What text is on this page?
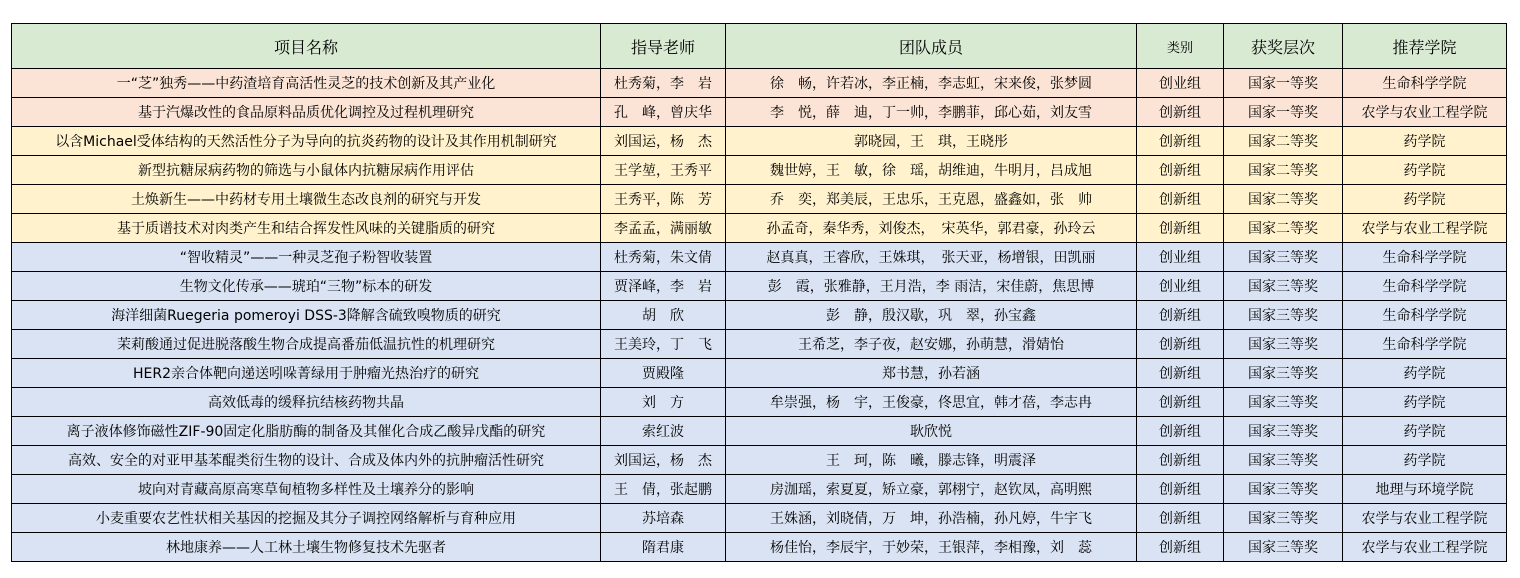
项目名称	指导老师	团队成员	类别	获奖层次	推荐学院
一“芝”独秀——中药渣培育高活性灵芝的技术创新及其产业化	杜秀菊，李　岩	徐　畅，许若冰，李正楠，李志虹，宋来俊，张梦圆	创业组	国家一等奖	生命科学学院
基于汽爆改性的食品原料品质优化调控及过程机理研究	孔　峰，曾庆华	李　悦，薛　迪，丁一帅，李鹏菲，邱心茹，刘友雪	创新组	国家一等奖	农学与农业工程学院
以含Michael受体结构的天然活性分子为导向的抗炎药物的设计及其作用机制研究	刘国运，杨　杰	郭晓园，王　琪，王晓彤	创新组	国家二等奖	药学院
新型抗糖尿病药物的筛选与小鼠体内抗糖尿病作用评估	王学堃，王秀平	魏世婷，王　敏，徐　瑶，胡维迪，牛明月，吕成旭	创新组	国家二等奖	药学院
土焕新生——中药材专用土壤微生态改良剂的研究与开发	王秀平，陈　芳	乔　奕，郑美辰，王忠乐，王克恩，盛鑫如，张　帅	创新组	国家二等奖	药学院
基于质谱技术对肉类产生和结合挥发性风味的关键脂质的研究	李孟孟，满丽敏	孙孟奇，秦华秀，刘俊杰，　宋英华，郭君豪，孙玲云	创新组	国家二等奖	农学与农业工程学院
“智收精灵”——一种灵芝孢子粉智收装置	杜秀菊，朱文倩	赵真真，王睿欣，王姝琪，　张天亚，杨增银，田凯丽	创业组	国家三等奖	生命科学学院
生物文化传承——琥珀“三物”标本的研发	贾泽峰，李　岩	彭　霞，张雅静，王月浩，李 雨洁，宋佳蔚，焦思博	创业组	国家三等奖	生命科学学院
海洋细菌Ruegeria pomeroyi DSS-3降解含硫致嗅物质的研究	胡　欣	彭　静，殷汉歇，巩　翠，孙宝鑫	创新组	国家三等奖	生命科学学院
茉莉酸通过促进脱落酸生物合成提高番茄低温抗性的机理研究	王美玲，丁　飞	王希芝，李子夜，赵安娜，孙萌慧，滑婧怡	创新组	国家三等奖	生命科学学院
HER2亲合体靶向递送吲哚菁绿用于肿瘤光热治疗的研究	贾殿隆	郑书慧，孙若涵	创新组	国家三等奖	药学院
高效低毒的缓释抗结核药物共晶	刘　方	牟崇强，杨　宇，王俊豪，佟思宜，韩才蓓，李志冉	创新组	国家三等奖	药学院
离子液体修饰磁性ZIF-90固定化脂肪酶的制备及其催化合成乙酸异戊酯的研究	索红波	耿欣悦	创新组	国家三等奖	药学院
高效、安全的对亚甲基苯醌类衍生物的设计、合成及体内外的抗肿瘤活性研究	刘国运，杨　杰	王　珂，陈　曦，滕志锋，明震泽	创新组	国家三等奖	药学院
坡向对青藏高原高寒草甸植物多样性及土壤养分的影响	王　倩，张起鹏	房泇瑶，索夏夏，矫立豪，郭栩宁，赵钦凤，高明熙	创新组	国家三等奖	地理与环境学院
小麦重要农艺性状相关基因的挖掘及其分子调控网络解析与育种应用	苏培森	王姝涵，刘晓倩，万　坤，孙浩楠，孙凡婷，牛宇飞	创新组	国家三等奖	农学与农业工程学院
林地康养——人工林土壤生物修复技术先驱者	隋君康	杨佳怡，李辰宇，于妙荣，王银萍，李相豫，刘　蕊	创新组	国家三等奖	农学与农业工程学院
